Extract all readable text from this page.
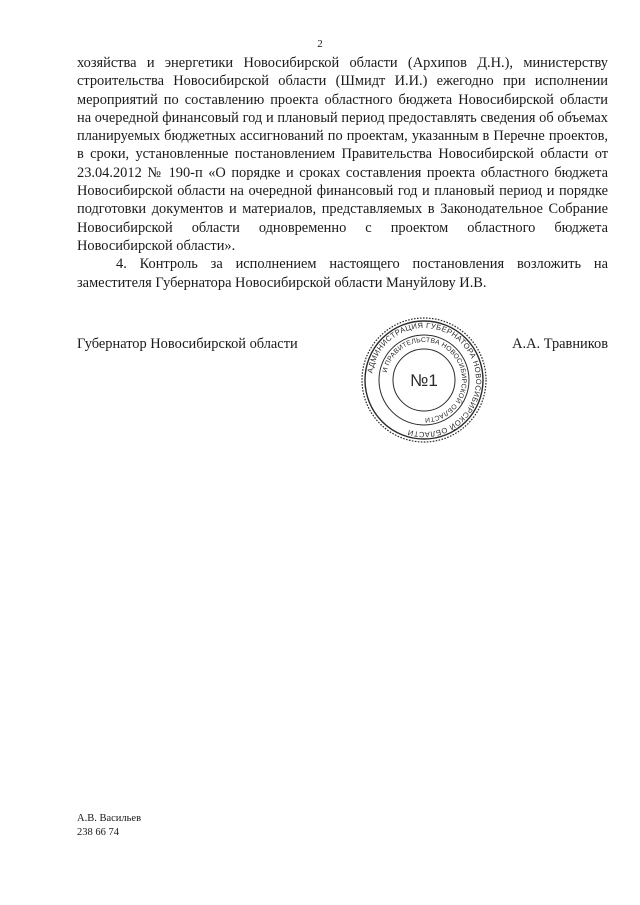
2

хозяйства и энергетики Новосибирской области (Архипов Д.Н.), министерству строительства Новосибирской области (Шмидт И.И.) ежегодно при исполнении мероприятий по составлению проекта областного бюджета Новосибирской области на очередной финансовый год и плановый период предоставлять сведения об объемах планируемых бюджетных ассигнований по проектам, указанным в Перечне проектов, в сроки, установленные постановлением Правительства Новосибирской области от 23.04.2012 № 190-п «О порядке и сроках составления проекта областного бюджета Новосибирской области на очередной финансовый год и плановый период и порядке подготовки документов и материалов, представляемых в Законодательное Собрание Новосибирской области одновременно с проектом областного бюджета Новосибирской области».

4. Контроль за исполнением настоящего постановления возложить на заместителя Губернатора Новосибирской области Мануйлову И.В.

Губернатор Новосибирской области	А.А. Травников
АДМИНИСТРАЦИЯ ГУБЕРНАТОРА НОВОСИБИРСКОЙ ОБЛАСТИ
И ПРАВИТЕЛЬСТВА НОВОСИБИРСКОЙ ОБЛАСТИ
№1
А.В. Васильев
238 66 74
